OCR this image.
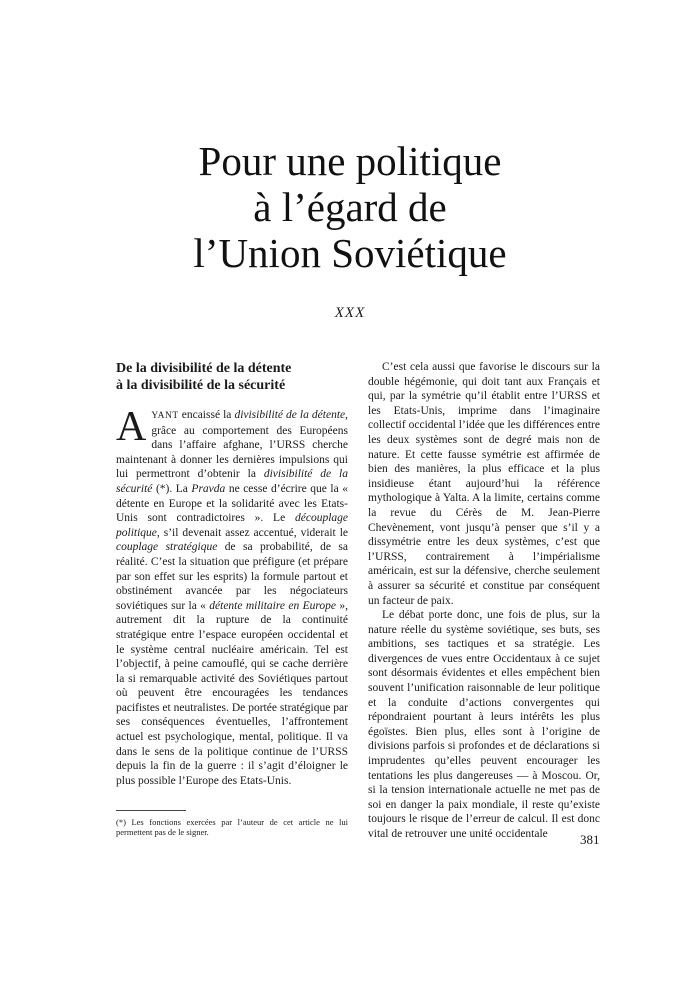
Pour une politique
à l’égard de
l’Union Soviétique
XXX
De la divisibilité de la détente
à la divisibilité de la sécurité

AYANT encaissé la divisibilité de la détente, grâce au comportement des Européens dans l’affaire afghane, l’URSS cherche maintenant à donner les dernières impulsions qui lui permettront d’obtenir la divisibilité de la sécurité (*). La Pravda ne cesse d’écrire que la « détente en Europe et la solidarité avec les Etats-Unis sont contradictoires ». Le découplage politique, s’il devenait assez accentué, viderait le couplage stratégique de sa probabilité, de sa réalité. C’est la situation que préfigure (et prépare par son effet sur les esprits) la formule partout et obstinément avancée par les négociateurs soviétiques sur la « détente militaire en Europe », autrement dit la rupture de la continuité stratégique entre l’espace européen occidental et le système central nucléaire américain. Tel est l’objectif, à peine camouflé, qui se cache derrière la si remarquable activité des Soviétiques partout où peuvent être encouragées les tendances pacifistes et neutralistes. De portée stratégique par ses conséquences éventuelles, l’affrontement actuel est psychologique, mental, politique. Il va dans le sens de la politique continue de l’URSS depuis la fin de la guerre : il s’agit d’éloigner le plus possible l’Europe des Etats-Unis.

C’est cela aussi que favorise le discours sur la double hégémonie, qui doit tant aux Français et qui, par la symétrie qu’il établit entre l’URSS et les Etats-Unis, imprime dans l’imaginaire collectif occidental l’idée que les différences entre les deux systèmes sont de degré mais non de nature. Et cette fausse symétrie est affirmée de bien des manières, la plus efficace et la plus insidieuse étant aujourd’hui la référence mythologique à Yalta. A la limite, certains comme la revue du Cérès de M. Jean-Pierre Chevènement, vont jusqu’à penser que s’il y a dissymétrie entre les deux systèmes, c’est que l’URSS, contrairement à l’impérialisme américain, est sur la défensive, cherche seulement à assurer sa sécurité et constitue par conséquent un facteur de paix.

Le débat porte donc, une fois de plus, sur la nature réelle du système soviétique, ses buts, ses ambitions, ses tactiques et sa stratégie. Les divergences de vues entre Occidentaux à ce sujet sont désormais évidentes et elles empêchent bien souvent l’unification raisonnable de leur politique et la conduite d’actions convergentes qui répondraient pourtant à leurs intérêts les plus égoïstes. Bien plus, elles sont à l’origine de divisions parfois si profondes et de déclarations si imprudentes qu’elles peuvent encourager les tentations les plus dangereuses — à Moscou. Or, si la tension internationale actuelle ne met pas de soi en danger la paix mondiale, il reste qu’existe toujours le risque de l’erreur de calcul. Il est donc vital de retrouver une unité occidentale

(*) Les fonctions exercées par l’auteur de cet article ne lui permettent pas de le signer.	381
